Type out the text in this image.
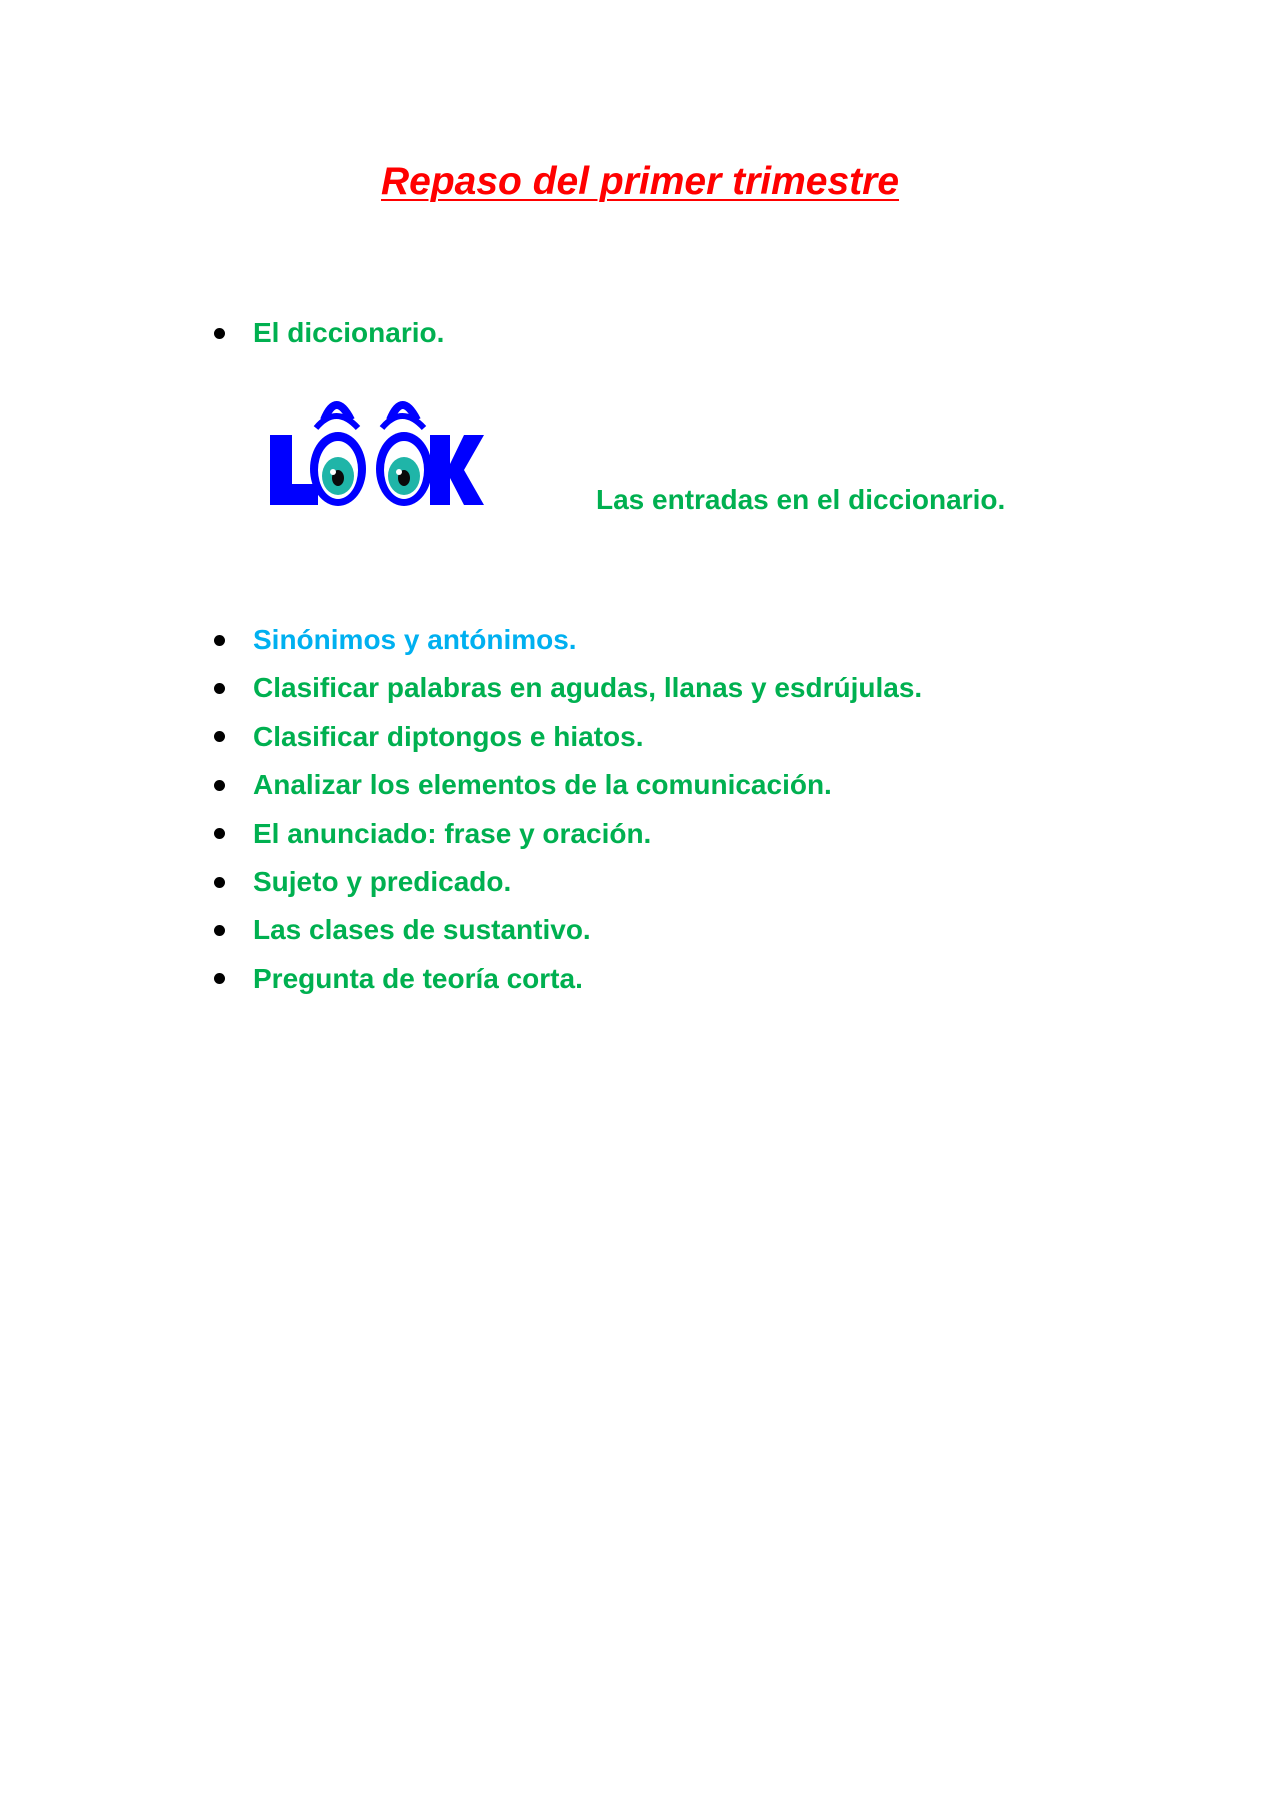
Repaso del primer trimestre
El diccionario.
Las entradas en el diccionario.
Sinónimos y antónimos.
Clasificar palabras en agudas, llanas y esdrújulas.
Clasificar diptongos e hiatos.
Analizar los elementos de la comunicación.
El anunciado: frase y oración.
Sujeto y predicado.
Las clases de sustantivo.
Pregunta de teoría corta.
